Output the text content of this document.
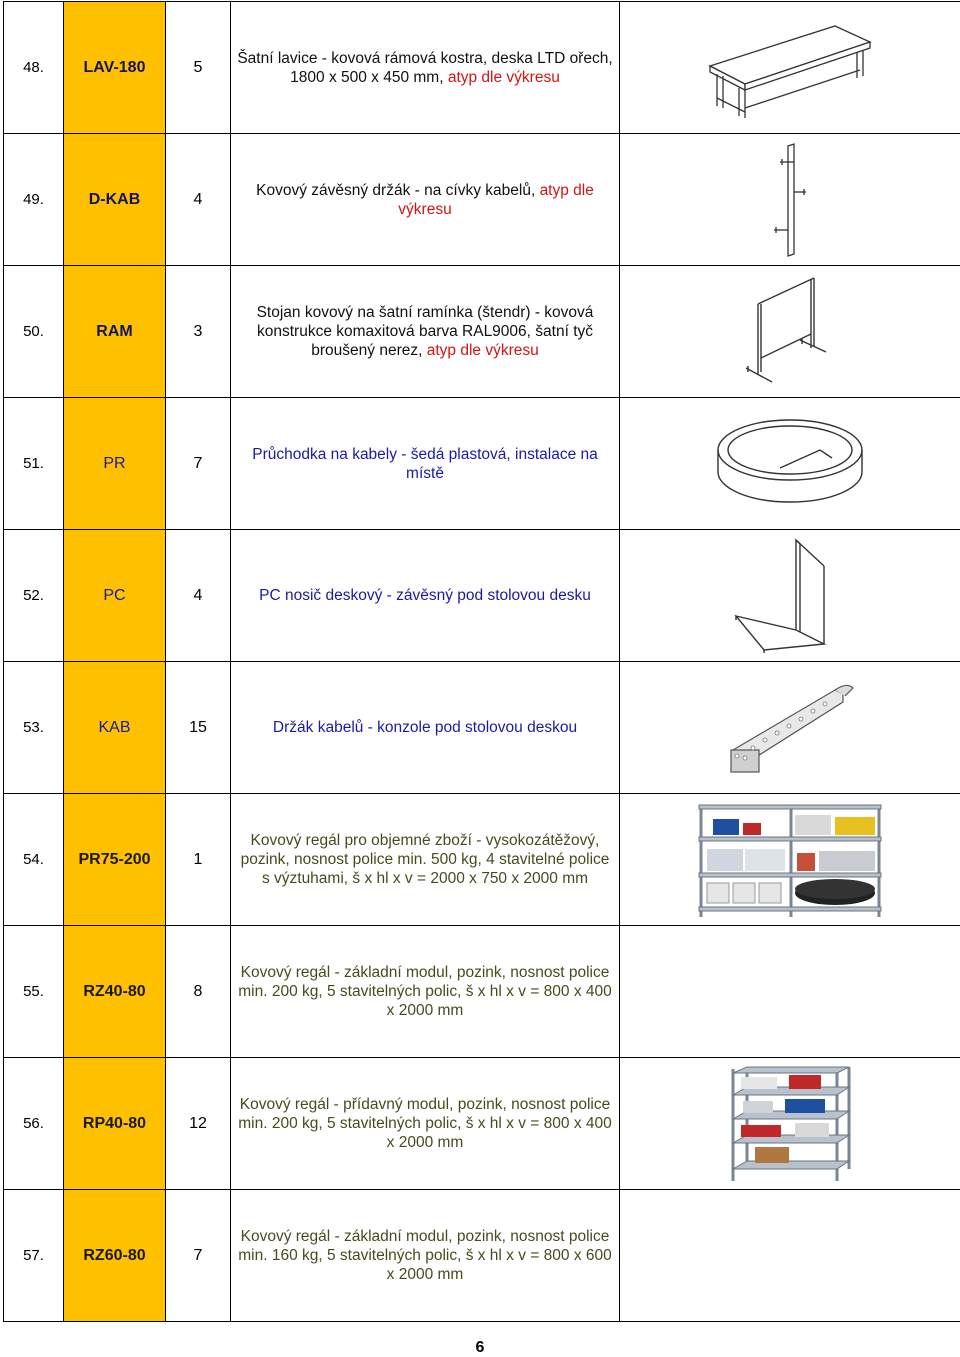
48.	LAV-180	5	Šatní lavice - kovová rámová kostra, deska LTD ořech, 1800 x 500 x 450 mm, atyp dle výkresu	

49.	D-KAB	4	Kovový závěsný držák - na cívky kabelů, atyp dle výkresu	

50.	RAM	3	Stojan kovový na šatní ramínka (štendr) - kovová konstrukce komaxitová barva RAL9006, šatní tyč broušený nerez, atyp dle výkresu	

51.	PR	7	Průchodka na kabely - šedá plastová, instalace na místě	

52.	PC	4	PC nosič deskový - závěsný pod stolovou desku	

53.	KAB	15	Držák kabelů - konzole pod stolovou deskou	

54.	PR75-200	1	Kovový regál pro objemné zboží - vysokozátěžový, pozink, nosnost police min. 500 kg, 4 stavitelné police s výztuhami, š x hl x v = 2000 x 750 x 2000 mm	

55.	RZ40-80	8	Kovový regál - základní modul, pozink, nosnost police min. 200 kg, 5 stavitelných polic, š x hl x v = 800 x 400 x 2000 mm	
56.	RP40-80	12	Kovový regál - přídavný modul, pozink, nosnost police min. 200 kg, 5 stavitelných polic, š x hl x v = 800 x 400 x 2000 mm	

57.	RZ60-80	7	Kovový regál - základní modul, pozink, nosnost police min. 160 kg, 5 stavitelných polic, š x hl x v = 800 x 600 x 2000 mm	
6
